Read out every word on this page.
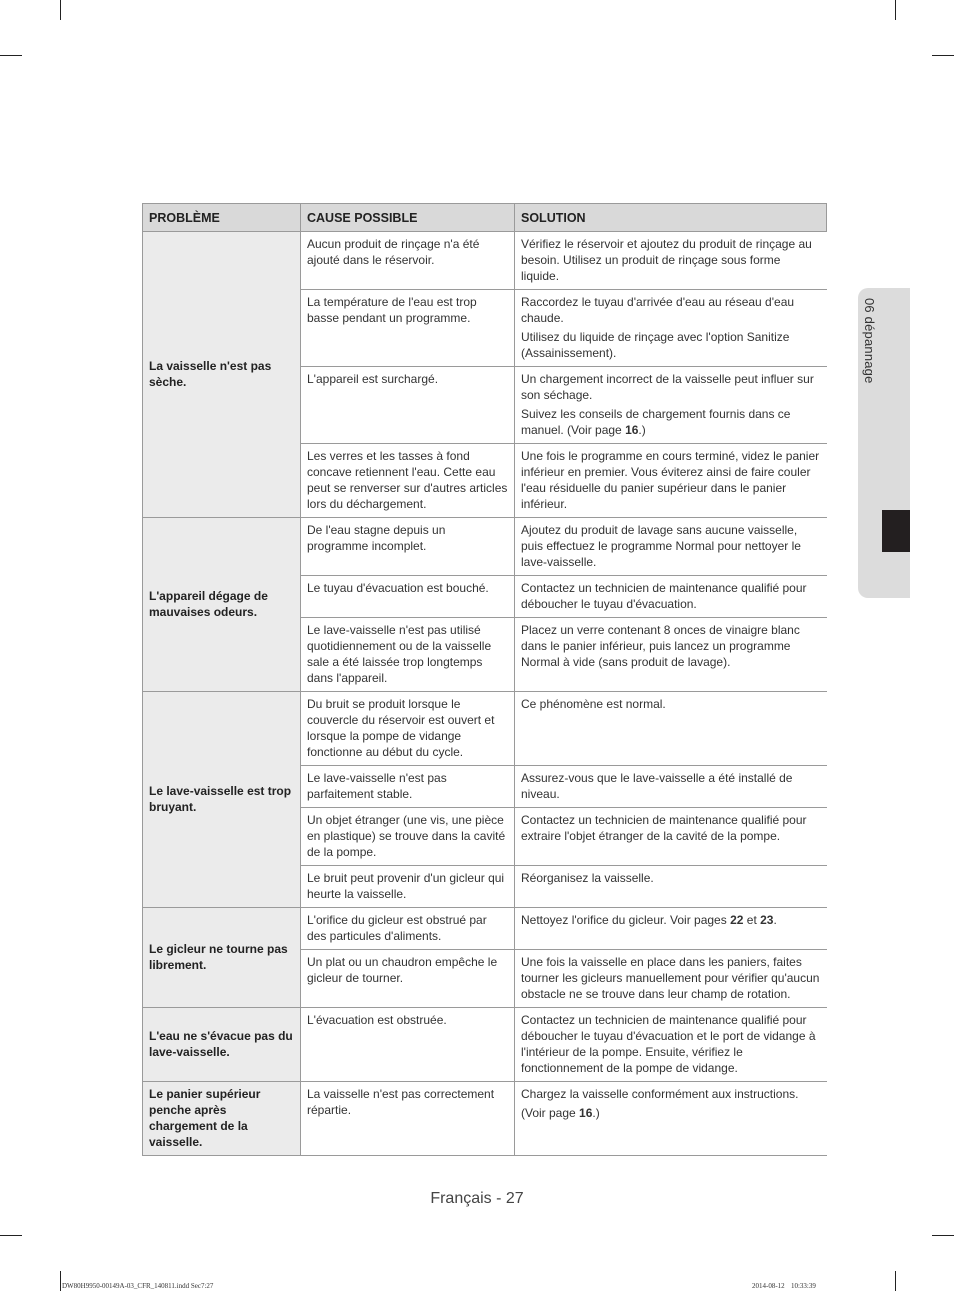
06 dépannage
PROBLÈME	CAUSE POSSIBLE	SOLUTION
La vaisselle n'est pas sèche.	Aucun produit de rinçage n'a été ajouté dans le réservoir.	Vérifiez le réservoir et ajoutez du produit de rinçage au besoin. Utilisez un produit de rinçage sous forme liquide.

	La température de l'eau est trop basse pendant un programme.	Raccordez le tuyau d'arrivée d'eau au réseau d'eau chaude.

Utilisez du liquide de rinçage avec l'option Sanitize (Assainissement).

	L'appareil est surchargé.	Un chargement incorrect de la vaisselle peut influer sur son séchage.

Suivez les conseils de chargement fournis dans ce manuel. (Voir page 16.)

	Les verres et les tasses à fond concave retiennent l'eau. Cette eau peut se renverser sur d'autres articles lors du déchargement.	Une fois le programme en cours terminé, videz le panier inférieur en premier. Vous éviterez ainsi de faire couler l'eau résiduelle du panier supérieur dans le panier inférieur.

L'appareil dégage de mauvaises odeurs.	De l'eau stagne depuis un programme incomplet.	Ajoutez du produit de lavage sans aucune vaisselle, puis effectuez le programme Normal pour nettoyer le lave-vaisselle.

	Le tuyau d'évacuation est bouché.	Contactez un technicien de maintenance qualifié pour déboucher le tuyau d'évacuation.

	Le lave-vaisselle n'est pas utilisé quotidiennement ou de la vaisselle sale a été laissée trop longtemps dans l'appareil.	Placez un verre contenant 8 onces de vinaigre blanc dans le panier inférieur, puis lancez un programme Normal à vide (sans produit de lavage).

Le lave-vaisselle est trop bruyant.	Du bruit se produit lorsque le couvercle du réservoir est ouvert et lorsque la pompe de vidange fonctionne au début du cycle.	Ce phénomène est normal.

	Le lave-vaisselle n'est pas parfaitement stable.	Assurez-vous que le lave-vaisselle a été installé de niveau.

	Un objet étranger (une vis, une pièce en plastique) se trouve dans la cavité de la pompe.	Contactez un technicien de maintenance qualifié pour extraire l'objet étranger de la cavité de la pompe.

	Le bruit peut provenir d'un gicleur qui heurte la vaisselle.	Réorganisez la vaisselle.

Le gicleur ne tourne pas librement.	L'orifice du gicleur est obstrué par des particules d'aliments.	Nettoyez l'orifice du gicleur. Voir pages 22 et 23.

	Un plat ou un chaudron empêche le gicleur de tourner.	Une fois la vaisselle en place dans les paniers, faites tourner les gicleurs manuellement pour vérifier qu'aucun obstacle ne se trouve dans leur champ de rotation.

L'eau ne s'évacue pas du lave-vaisselle.	L'évacuation est obstruée.	Contactez un technicien de maintenance qualifié pour déboucher le tuyau d'évacuation et le port de vidange à l'intérieur de la pompe. Ensuite, vérifiez le fonctionnement de la pompe de vidange.

Le panier supérieur penche après chargement de la vaisselle.	La vaisselle n'est pas correctement répartie.	Chargez la vaisselle conformément aux instructions.

(Voir page 16.)

Français - 27
DW80H9950-00149A-03_CFR_140811.indd Sec7:27	2014-08-12    10:33:39
